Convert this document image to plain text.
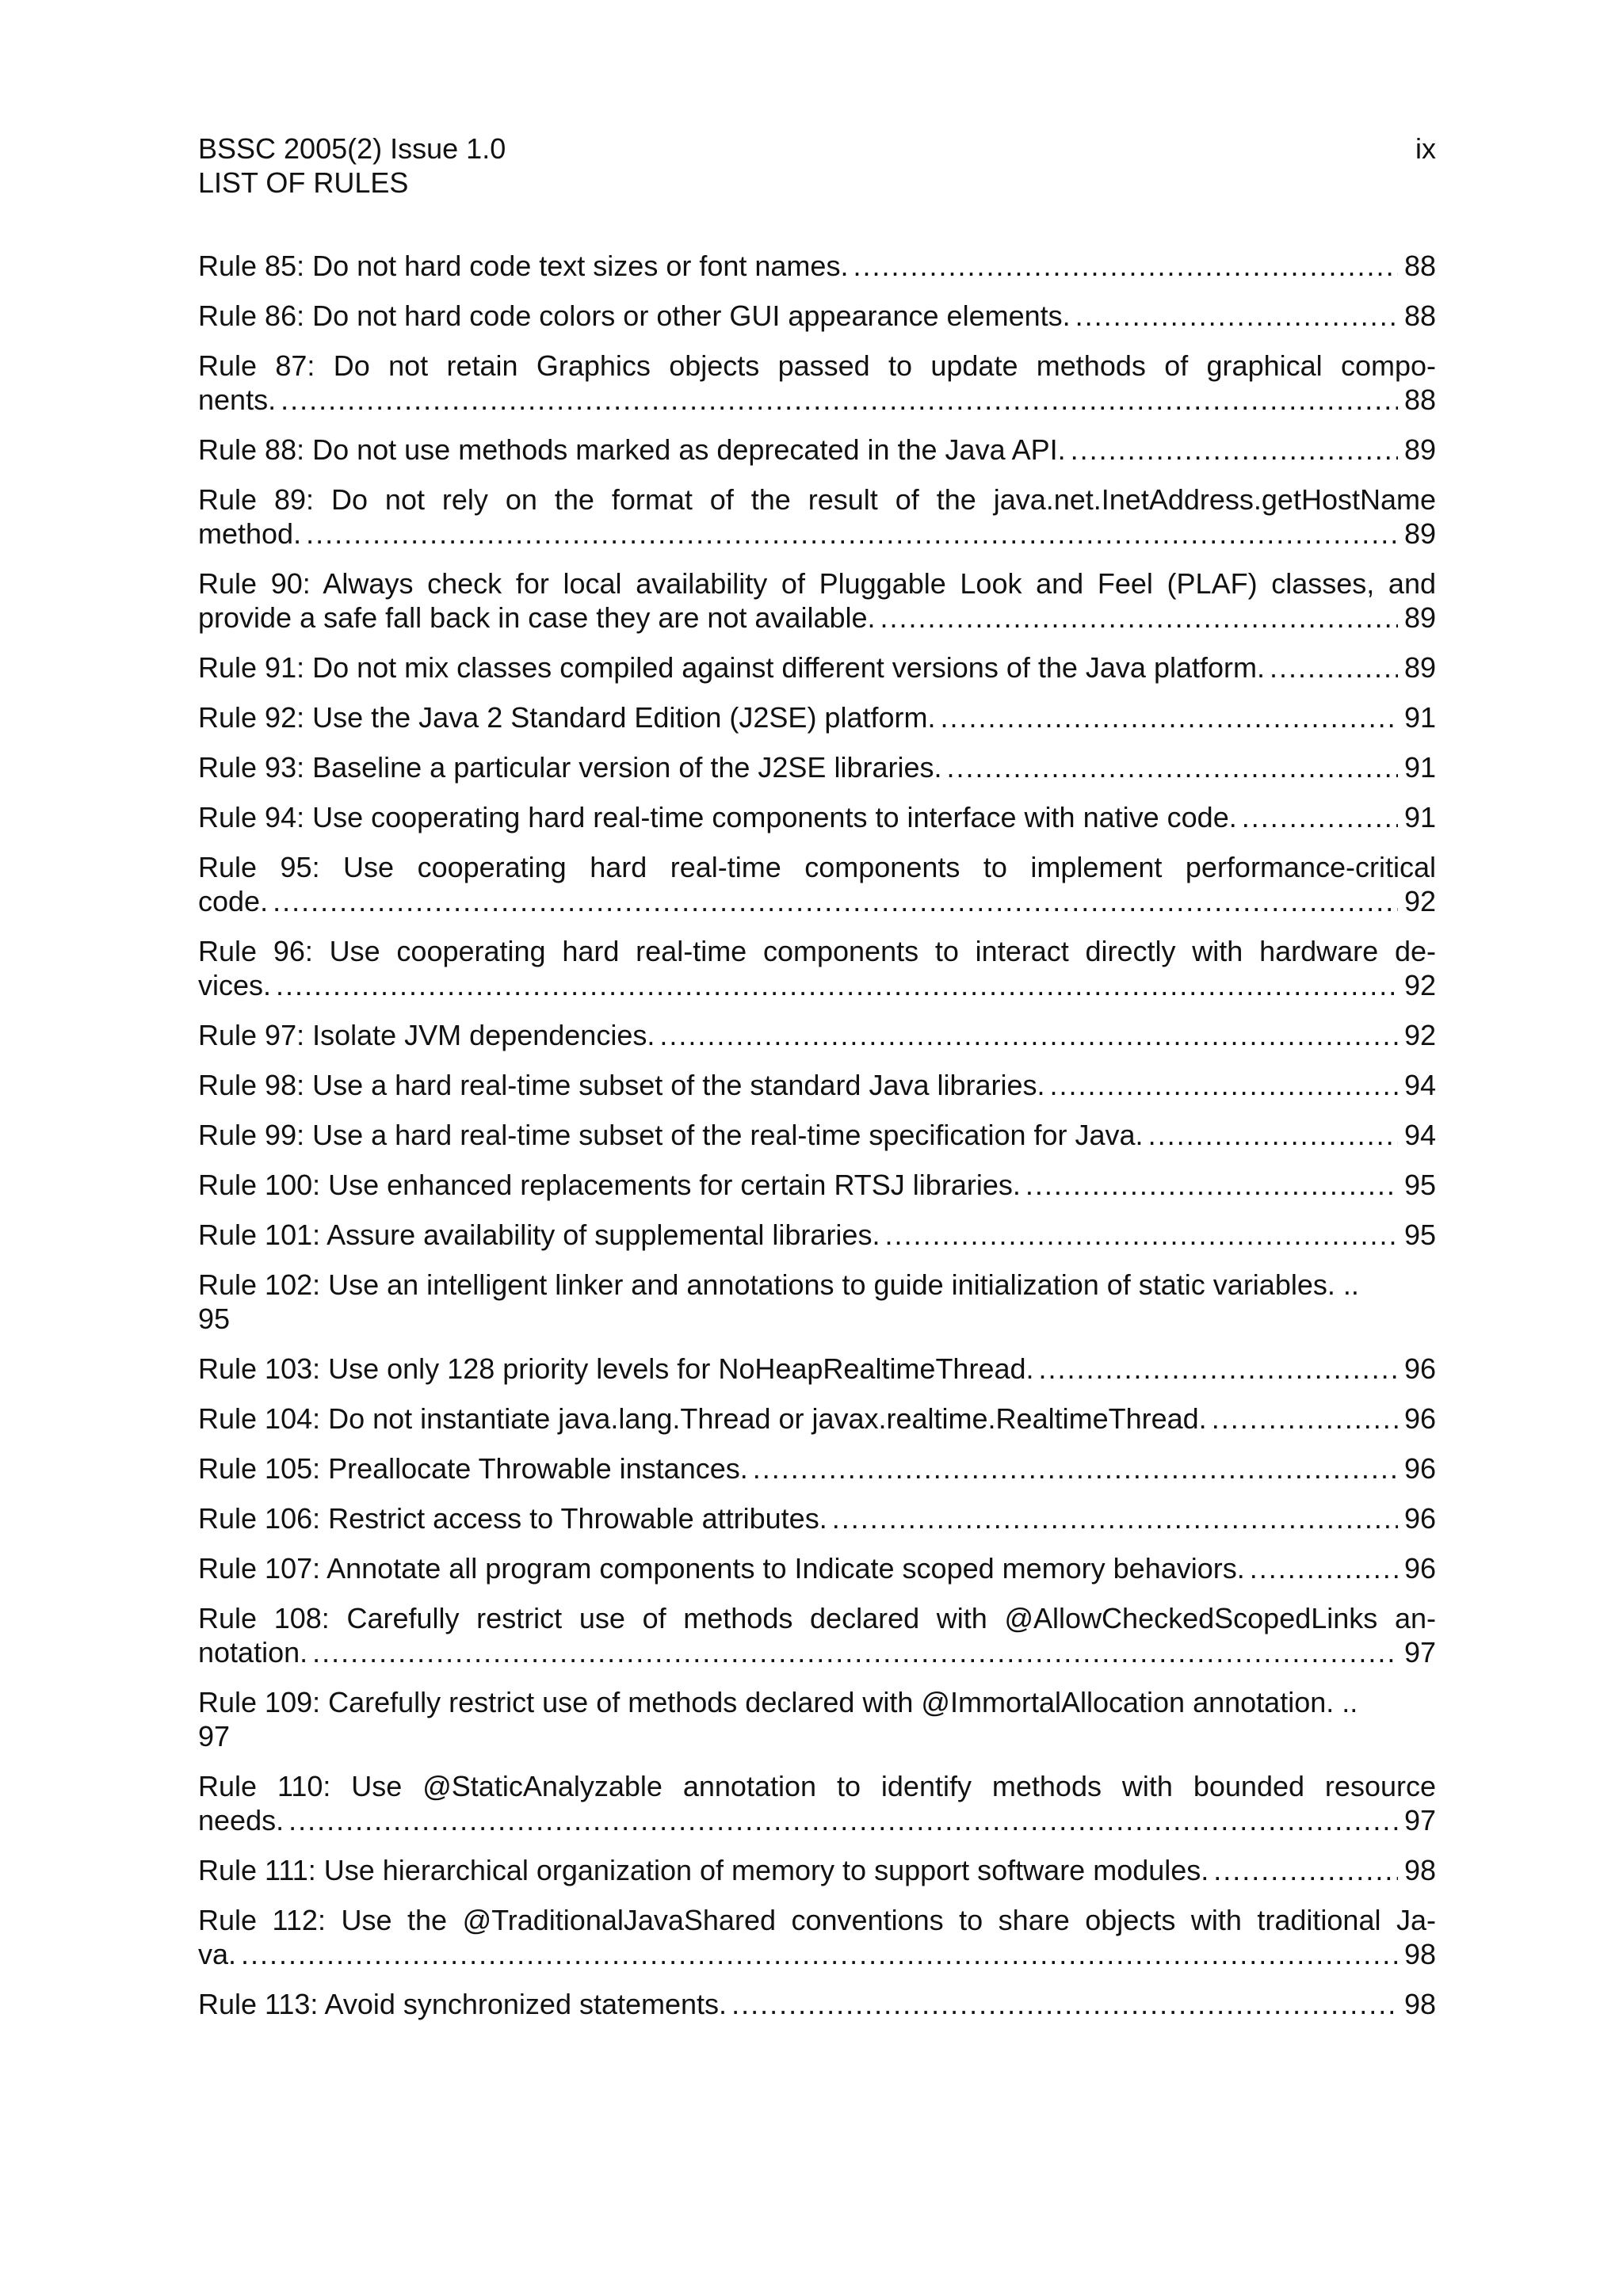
BSSC 2005(2) Issue 1.0
LIST OF RULES
ix
Rule 85: Do not hard code text sizes or font names. .....	88
Rule 86: Do not hard code colors or other GUI appearance elements. .....	88
Rule 87: Do not retain Graphics objects passed to update methods of graphical compo-
nents. .....	88
Rule 88: Do not use methods marked as deprecated in the Java API. .....	89
Rule 89: Do not rely on the format of the result of the java.net.InetAddress.getHostName
method. .....	89
Rule 90: Always check for local availability of Pluggable Look and Feel (PLAF) classes, and
provide a safe fall back in case they are not available. .....	89
Rule 91: Do not mix classes compiled against different versions of the Java platform. .....	89
Rule 92: Use the Java 2 Standard Edition (J2SE) platform. .....	91
Rule 93: Baseline a particular version of the J2SE libraries. .....	91
Rule 94: Use cooperating hard real-time components to interface with native code. .....	91
Rule 95: Use cooperating hard real-time components to implement performance-critical
code. .....	92
Rule 96: Use cooperating hard real-time components to interact directly with hardware de-
vices. .....	92
Rule 97: Isolate JVM dependencies. .....	92
Rule 98: Use a hard real-time subset of the standard Java libraries. .....	94
Rule 99: Use a hard real-time subset of the real-time specification for Java. .....	94
Rule 100: Use enhanced replacements for certain RTSJ libraries. .....	95
Rule 101: Assure availability of supplemental libraries. .....	95
Rule 102: Use an intelligent linker and annotations to guide initialization of static variables. ..
95
Rule 103: Use only 128 priority levels for NoHeapRealtimeThread. .....	96
Rule 104: Do not instantiate java.lang.Thread or javax.realtime.RealtimeThread. .....	96
Rule 105: Preallocate Throwable instances. .....	96
Rule 106: Restrict access to Throwable attributes. .....	96
Rule 107: Annotate all program components to Indicate scoped memory behaviors. .....	96
Rule 108: Carefully restrict use of methods declared with @AllowCheckedScopedLinks an-
notation. .....	97
Rule 109: Carefully restrict use of methods declared with @ImmortalAllocation annotation. ..
97
Rule 110: Use @StaticAnalyzable annotation to identify methods with bounded resource
needs. .....	97
Rule 111: Use hierarchical organization of memory to support software modules. .....	98
Rule 112: Use the @TraditionalJavaShared conventions to share objects with traditional Ja-
va. .....	98
Rule 113: Avoid synchronized statements. .....	98
